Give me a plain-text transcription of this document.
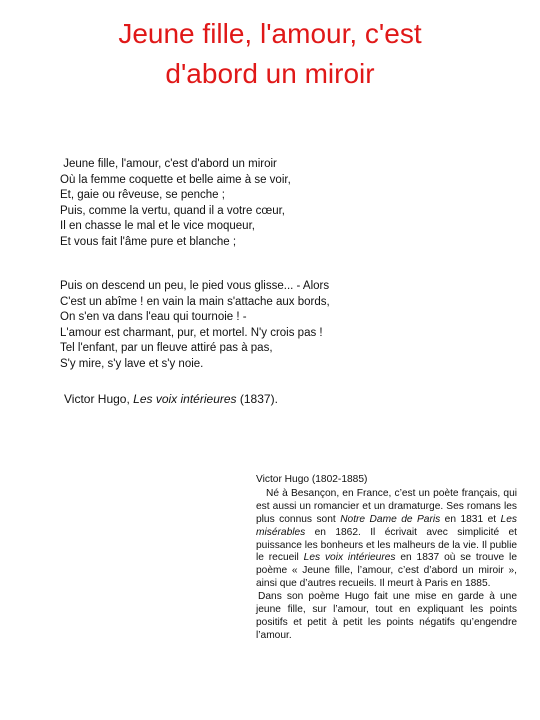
Jeune fille, l'amour, c'est
d'abord un miroir
Jeune fille, l'amour, c'est d'abord un miroir
Où la femme coquette et belle aime à se voir,
Et, gaie ou rêveuse, se penche ;
Puis, comme la vertu, quand il a votre cœur,
Il en chasse le mal et le vice moqueur,
Et vous fait l'âme pure et blanche ;
Puis on descend un peu, le pied vous glisse... - Alors
C'est un abîme ! en vain la main s'attache aux bords,
On s'en va dans l'eau qui tournoie ! -
L'amour est charmant, pur, et mortel. N'y crois pas !
Tel l'enfant, par un fleuve attiré pas à pas,
S'y mire, s'y lave et s'y noie.
Victor Hugo, Les voix intérieures (1837).

Victor Hugo (1802-1885)

Né à Besançon, en France, c’est un poète français, qui est aussi un romancier et un dramaturge. Ses romans les plus connus sont Notre Dame de Paris en 1831 et Les misérables en 1862. Il écrivait avec simplicité et puissance les bonheurs et les malheurs de la vie. Il publie le recueil Les voix intérieures en 1837 où se trouve le poème « Jeune fille, l’amour, c’est d’abord un miroir », ainsi que d’autres recueils. Il meurt à Paris en 1885.

Dans son poème Hugo fait une mise en garde à une jeune fille, sur l’amour, tout en expliquant les points positifs et petit à petit les points négatifs qu’engendre l’amour.
